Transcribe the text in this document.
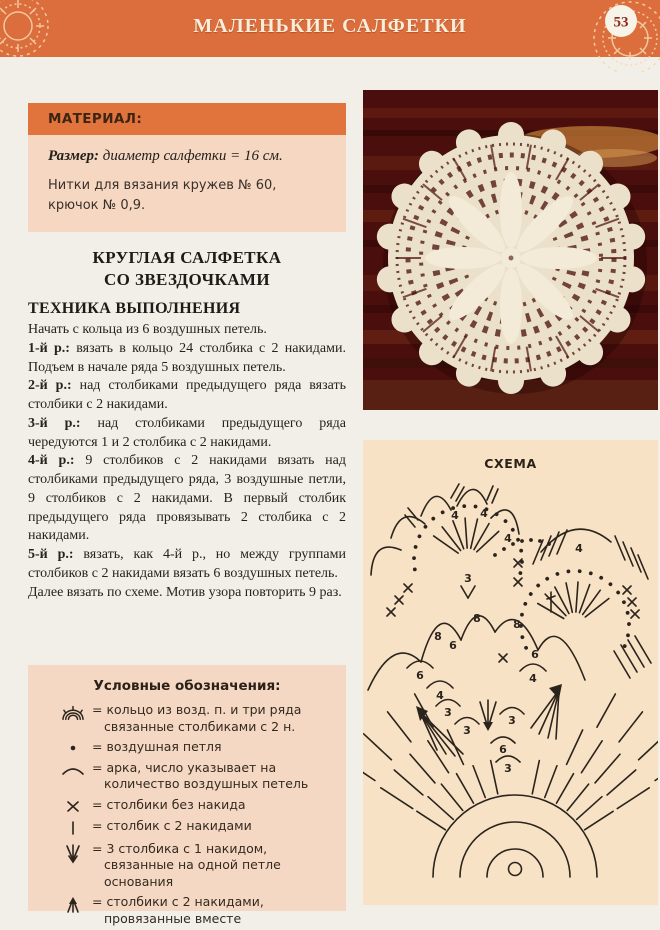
МАЛЕНЬКИЕ САЛФЕТКИ	53
МАТЕРИАЛ:
Размер: диаметр салфетки = 16 см.
Нитки для вязания кружев № 60,
крючок № 0,9.
КРУГЛАЯ САЛФЕТКА
СО ЗВЕЗДОЧКАМИ
ТЕХНИКА ВЫПОЛНЕНИЯ

Начать с кольца из 6 воздушных петель.

1-й р.: вязать в кольцо 24 столбика с 2 накидами. Подъем в начале ряда 5 воздушных петель.

2-й р.: над столбиками предыдущего ряда вязать столбики с 2 накидами.

3-й р.: над столбиками предыдущего ряда чередуются 1 и 2 столбика с 2 накидами.

4-й р.: 9 столбиков с 2 накидами вязать над столбиками предыдущего ряда, 3 воздушные петли, 9 столбиков с 2 накидами. В первый столбик предыдущего ряда провязывать 2 столбика с 2 накидами.

5-й р.: вязать, как 4-й р., но между группами столбиков с 2 накидами вязать 6 воздушных петель.

Далее вязать по схеме. Мотив узора повторить 9 раз.

Условные обозначения:
= кольцо из возд. п. и три ряда связанные столбиками с 2 н.
= воздушная петля
= арка, число указывает на количество воздушных петель
= столбики без накида
= столбик с 2 накидами
= 3 столбика с 1 накидом, связанные на одной петле основания
= столбики с 2 накидами, провязанные вместе
СХЕМА
4 4
4
3
4
8
8	8
6
6
6
4
3
3
3
6
3
4
